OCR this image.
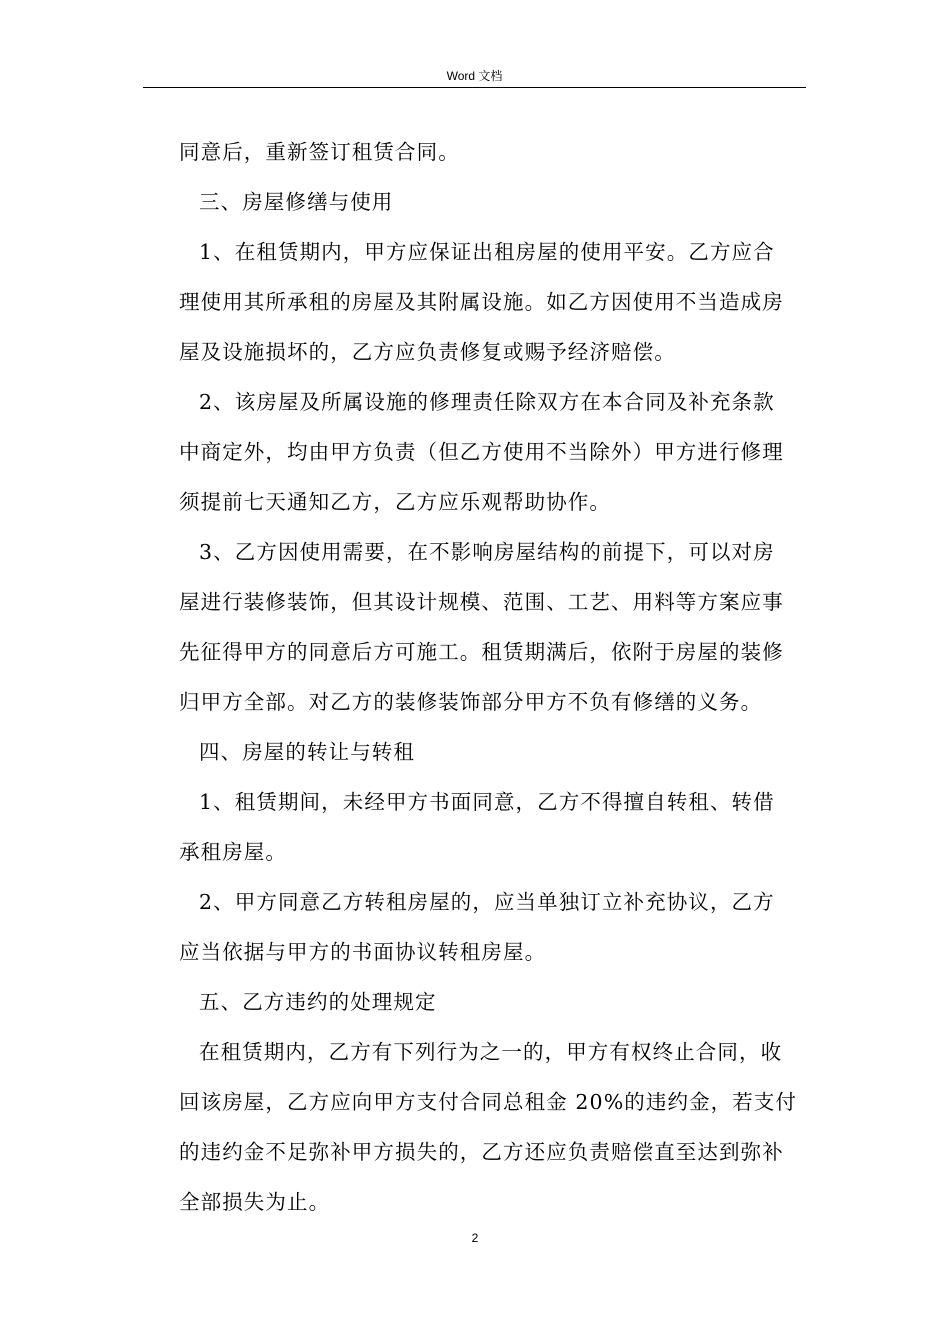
Word 文档
同意后，重新签订租赁合同。
三、房屋修缮与使用
1、在租赁期内，甲方应保证出租房屋的使用平安。乙方应合
理使用其所承租的房屋及其附属设施。如乙方因使用不当造成房
屋及设施损坏的，乙方应负责修复或赐予经济赔偿。
2、该房屋及所属设施的修理责任除双方在本合同及补充条款
中商定外，均由甲方负责（但乙方使用不当除外）甲方进行修理
须提前七天通知乙方，乙方应乐观帮助协作。
3、乙方因使用需要，在不影响房屋结构的前提下，可以对房
屋进行装修装饰，但其设计规模、范围、工艺、用料等方案应事
先征得甲方的同意后方可施工。租赁期满后，依附于房屋的装修
归甲方全部。对乙方的装修装饰部分甲方不负有修缮的义务。
四、房屋的转让与转租
1、租赁期间，未经甲方书面同意，乙方不得擅自转租、转借
承租房屋。
2、甲方同意乙方转租房屋的，应当单独订立补充协议，乙方
应当依据与甲方的书面协议转租房屋。
五、乙方违约的处理规定
在租赁期内，乙方有下列行为之一的，甲方有权终止合同，收
回该房屋，乙方应向甲方支付合同总租金 20%的违约金，若支付
的违约金不足弥补甲方损失的，乙方还应负责赔偿直至达到弥补
全部损失为止。
2
